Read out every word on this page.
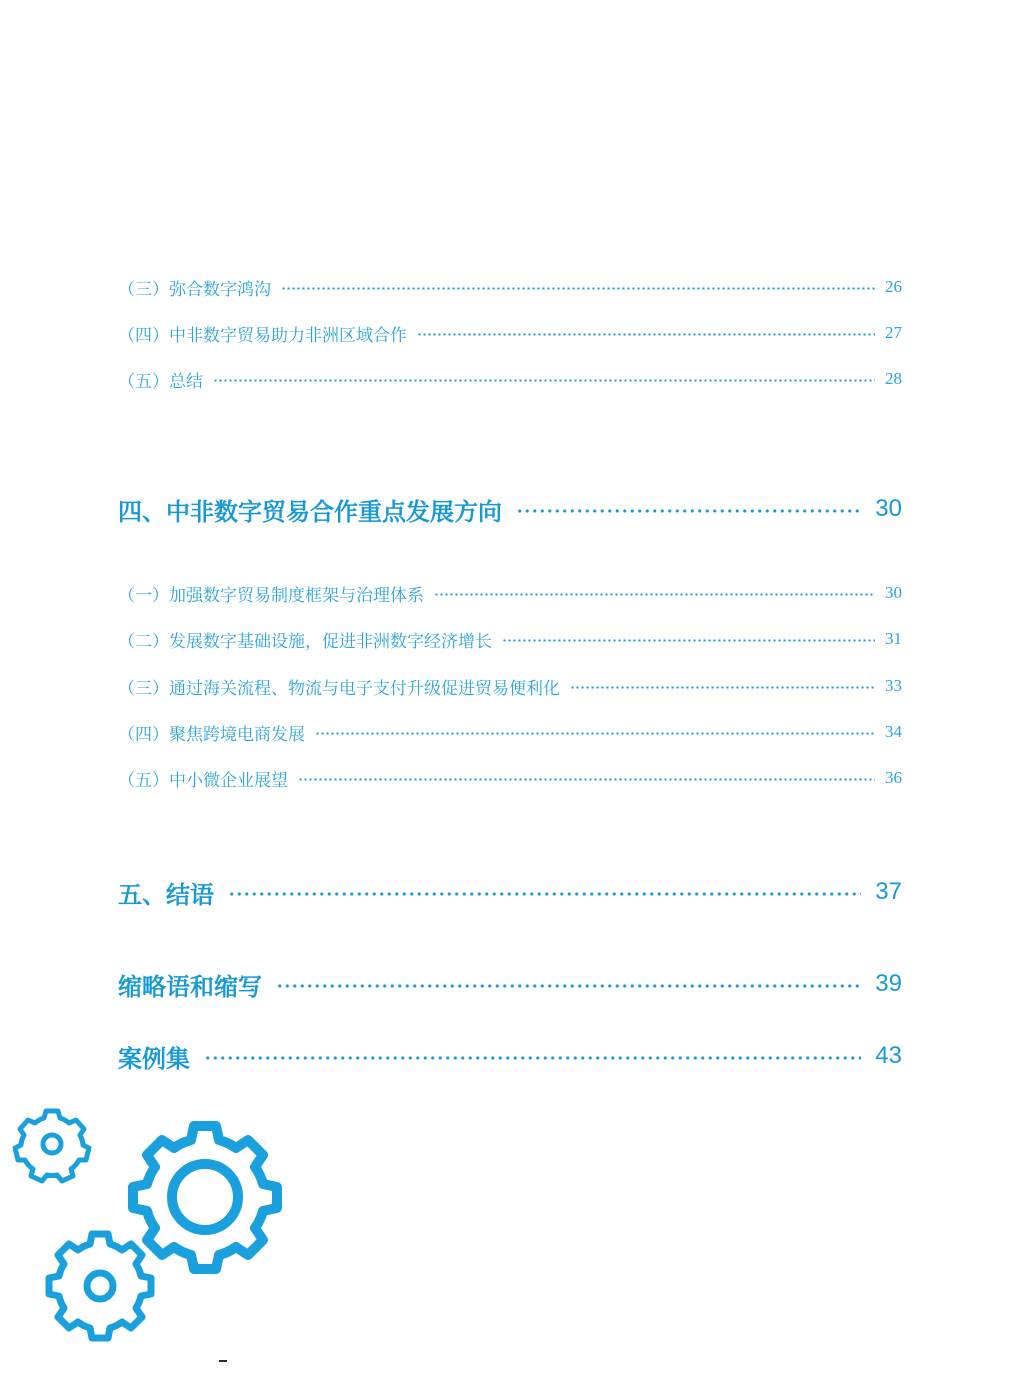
（三）弥合数字鸿沟	26
（四）中非数字贸易助力非洲区域合作	27
（五）总结	28
四、中非数字贸易合作重点发展方向	30
（一）加强数字贸易制度框架与治理体系	30
（二）发展数字基础设施，促进非洲数字经济增长	31
（三）通过海关流程、物流与电子支付升级促进贸易便利化	33
（四）聚焦跨境电商发展	34
（五）中小微企业展望	36
五、结语	37
缩略语和缩写	39
案例集	43
